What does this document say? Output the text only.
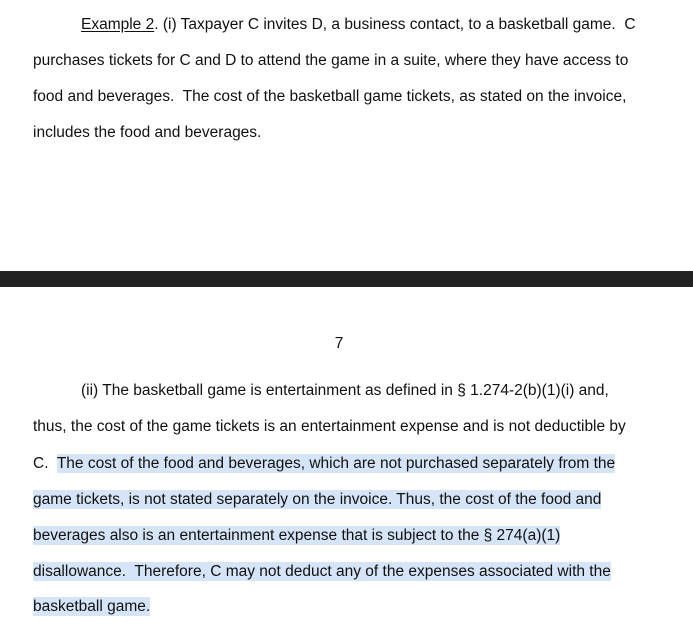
Example 2. (i) Taxpayer C invites D, a business contact, to a basketball game.  C
purchases tickets for C and D to attend the game in a suite, where they have access to
food and beverages.  The cost of the basketball game tickets, as stated on the invoice,
includes the food and beverages.
7
(ii) The basketball game is entertainment as defined in § 1.274-2(b)(1)(i) and,
thus, the cost of the game tickets is an entertainment expense and is not deductible by
C.  The cost of the food and beverages, which are not purchased separately from the
game tickets, is not stated separately on the invoice. Thus, the cost of the food and
beverages also is an entertainment expense that is subject to the § 274(a)(1)
disallowance.  Therefore, C may not deduct any of the expenses associated with the
basketball game.
